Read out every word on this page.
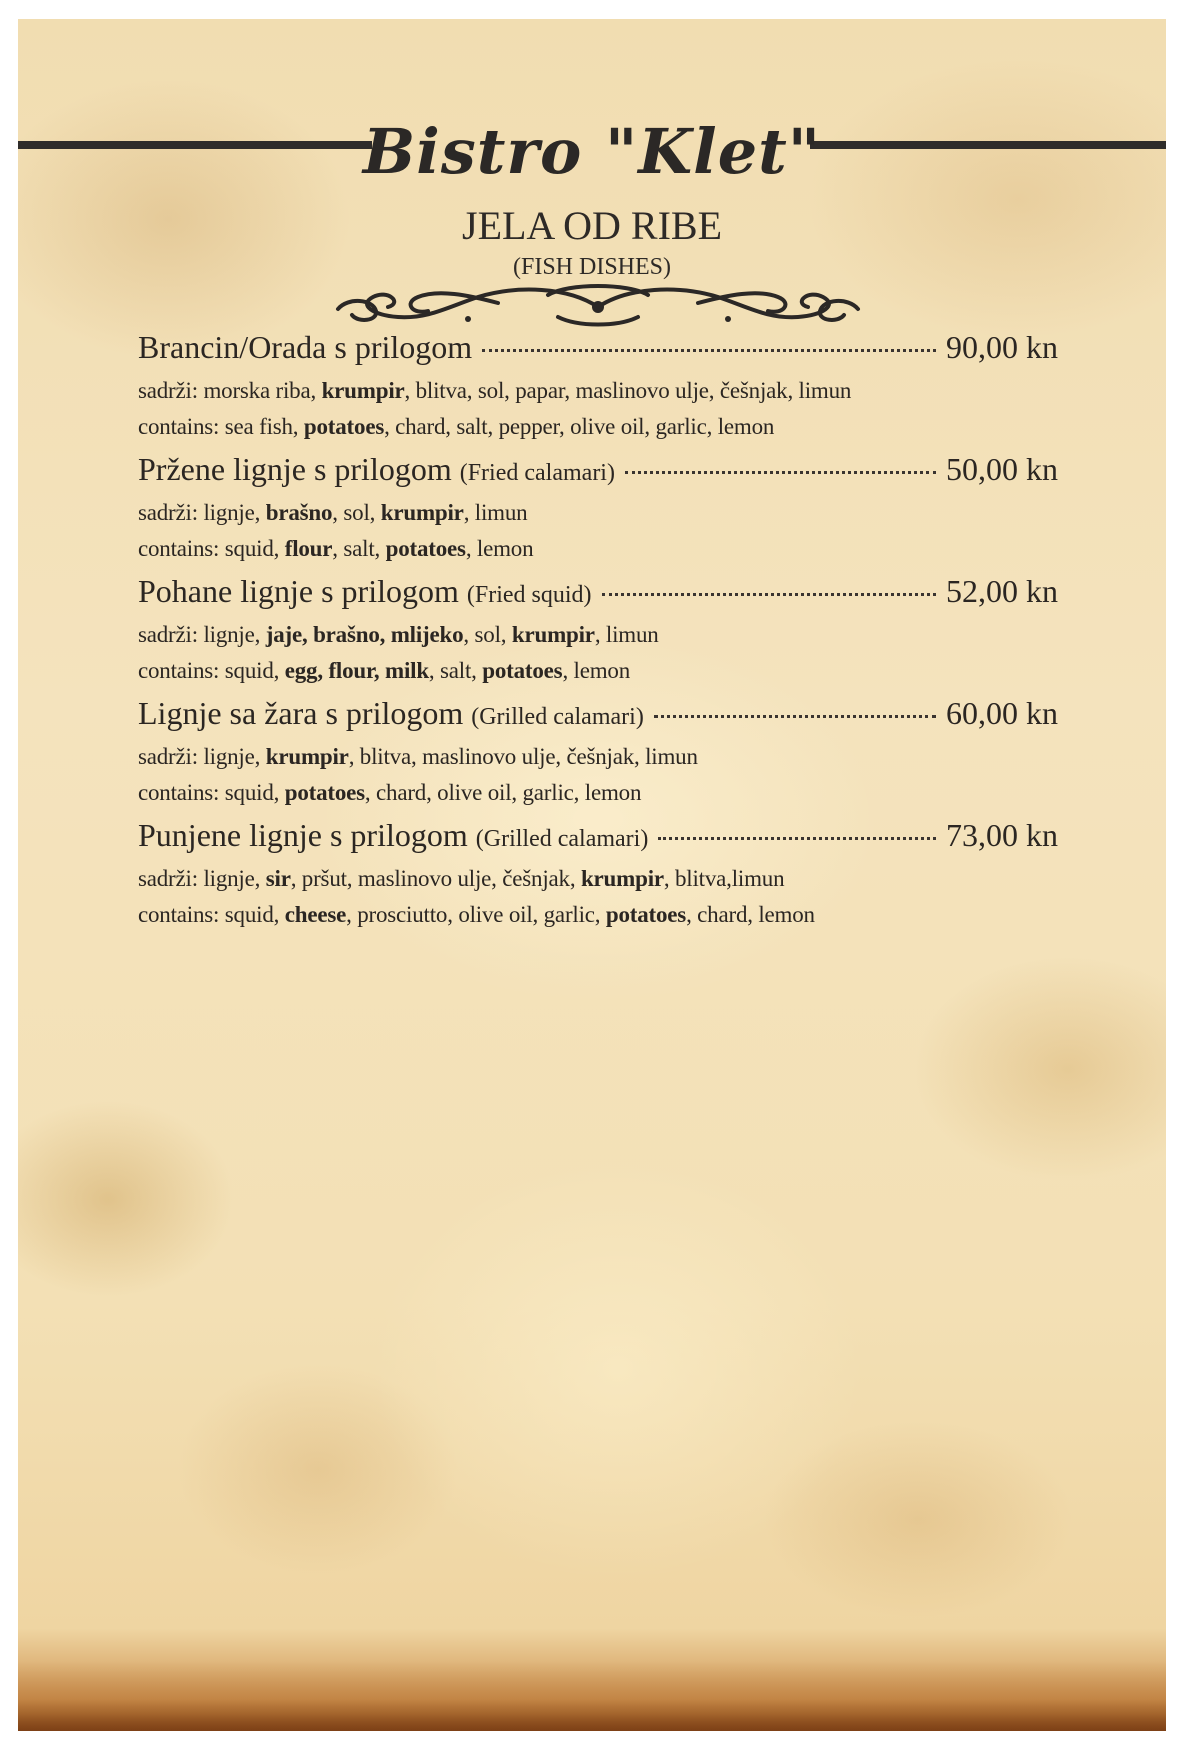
Bistro "Klet"
JELA OD RIBE
(FISH DISHES)
Brancin/Orada s prilogom	90,00 kn
sadrži: morska riba, krumpir, blitva, sol, papar, maslinovo ulje, češnjak, limun
contains: sea fish, potatoes, chard, salt, pepper, olive oil, garlic, lemon
Pržene lignje s prilogom (Fried calamari)	50,00 kn
sadrži: lignje, brašno, sol, krumpir, limun
contains: squid, flour, salt, potatoes, lemon
Pohane lignje s prilogom (Fried squid)	52,00 kn
sadrži: lignje, jaje, brašno, mlijeko, sol, krumpir, limun
contains: squid, egg, flour, milk, salt, potatoes, lemon
Lignje sa žara s prilogom (Grilled calamari)	60,00 kn
sadrži: lignje, krumpir, blitva, maslinovo ulje, češnjak, limun
contains: squid, potatoes, chard, olive oil, garlic, lemon
Punjene lignje s prilogom (Grilled calamari)	73,00 kn
sadrži: lignje, sir, pršut, maslinovo ulje, češnjak, krumpir, blitva,limun
contains: squid, cheese, prosciutto, olive oil, garlic, potatoes, chard, lemon
